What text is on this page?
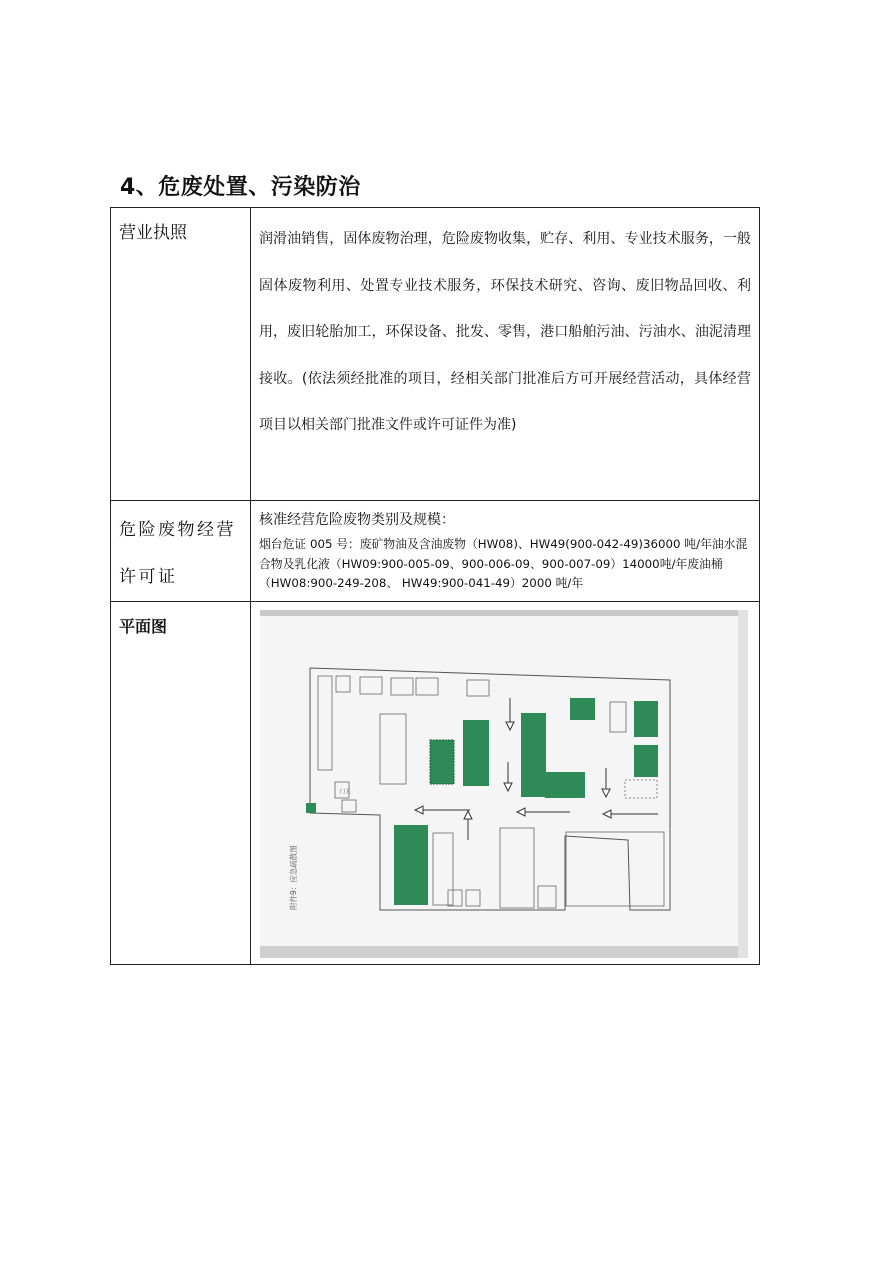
4、危废处置、污染防治
营业执照	润滑油销售，固体废物治理，危险废物收集，贮存、利用、专业技术服务，一般固体废物利用、处置专业技术服务，环保技术研究、咨询、废旧物品回收、利用，废旧轮胎加工，环保设备、批发、零售，港口船舶污油、污油水、油泥清理接收。(依法须经批准的项目，经相关部门批准后方可开展经营活动，具体经营项目以相关部门批准文件或许可证件为准)

危险废物经营许可证	核准经营危险废物类别及规模：
烟台危证 005 号：废矿物油及含油废物（HW08)、HW49(900-042-49)36000 吨/年油水混合物及乳化液（HW09:900-005-09、900-006-09、900-007-09）14000吨/年废油桶（HW08:900-249-208、 HW49:900-041-49）2000 吨/年

平面图	门卫
附件9：应急疏散图
